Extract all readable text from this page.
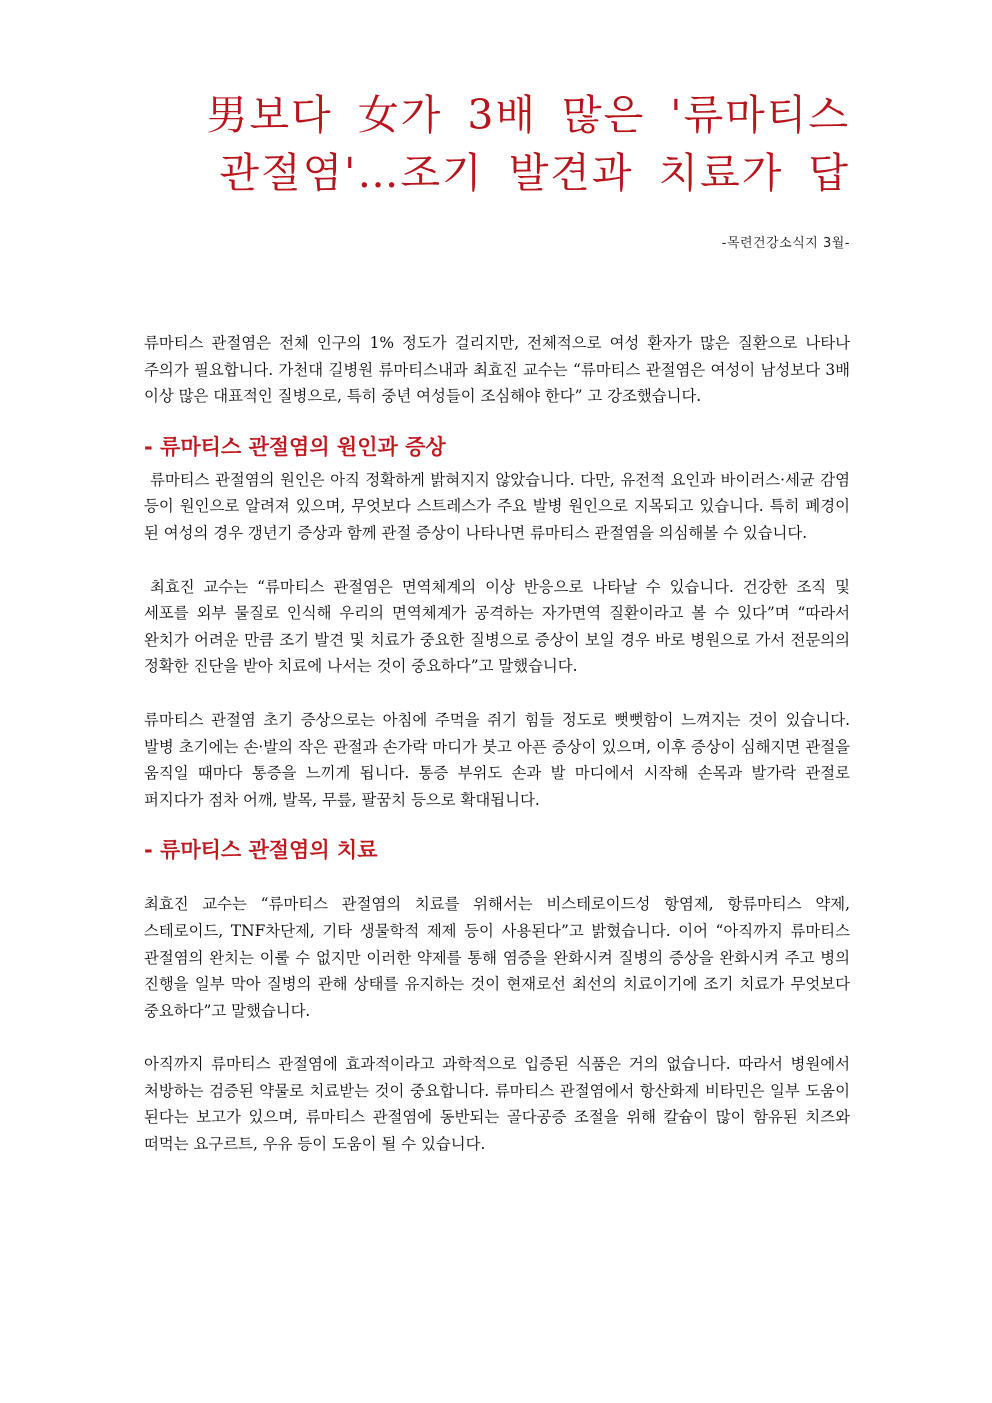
男보다 女가 3배 많은 '류마티스
관절염'…조기 발견과 치료가 답
-목련건강소식지 3월-

류마티스 관절염은 전체 인구의 1% 정도가 걸리지만, 전체적으로 여성 환자가 많은 질환으로 나타나 주의가 필요합니다. 가천대 길병원 류마티스내과 최효진 교수는 “류마티스 관절염은 여성이 남성보다 3배 이상 많은 대표적인 질병으로, 특히 중년 여성들이 조심해야 한다” 고 강조했습니다.

- 류마티스 관절염의 원인과 증상

류마티스 관절염의 원인은 아직 정확하게 밝혀지지 않았습니다. 다만, 유전적 요인과 바이러스·세균 감염 등이 원인으로 알려져 있으며, 무엇보다 스트레스가 주요 발병 원인으로 지목되고 있습니다. 특히 폐경이 된 여성의 경우 갱년기 증상과 함께 관절 증상이 나타나면 류마티스 관절염을 의심해볼 수 있습니다.

최효진 교수는 “류마티스 관절염은 면역체계의 이상 반응으로 나타날 수 있습니다. 건강한 조직 및 세포를 외부 물질로 인식해 우리의 면역체계가 공격하는 자가면역 질환이라고 볼 수 있다”며 “따라서 완치가 어려운 만큼 조기 발견 및 치료가 중요한 질병으로 증상이 보일 경우 바로 병원으로 가서 전문의의 정확한 진단을 받아 치료에 나서는 것이 중요하다”고 말했습니다.

류마티스 관절염 초기 증상으로는 아침에 주먹을 쥐기 힘들 정도로 뻣뻣함이 느껴지는 것이 있습니다. 발병 초기에는 손·발의 작은 관절과 손가락 마디가 붓고 아픈 증상이 있으며, 이후 증상이 심해지면 관절을 움직일 때마다 통증을 느끼게 됩니다. 통증 부위도 손과 발 마디에서 시작해 손목과 발가락 관절로 퍼지다가 점차 어깨, 발목, 무릎, 팔꿈치 등으로 확대됩니다.

- 류마티스 관절염의 치료

최효진 교수는 “류마티스 관절염의 치료를 위해서는 비스테로이드성 항염제, 항류마티스 약제, 스테로이드, TNF차단제, 기타 생물학적 제제 등이 사용된다”고 밝혔습니다. 이어 “아직까지 류마티스 관절염의 완치는 이룰 수 없지만 이러한 약제를 통해 염증을 완화시켜 질병의 증상을 완화시켜 주고 병의 진행을 일부 막아 질병의 관해 상태를 유지하는 것이 현재로선 최선의 치료이기에 조기 치료가 무엇보다 중요하다”고 말했습니다.

아직까지 류마티스 관절염에 효과적이라고 과학적으로 입증된 식품은 거의 없습니다. 따라서 병원에서 처방하는 검증된 약물로 치료받는 것이 중요합니다. 류마티스 관절염에서 항산화제 비타민은 일부 도움이 된다는 보고가 있으며, 류마티스 관절염에 동반되는 골다공증 조절을 위해 칼슘이 많이 함유된 치즈와 떠먹는 요구르트, 우유 등이 도움이 될 수 있습니다.
